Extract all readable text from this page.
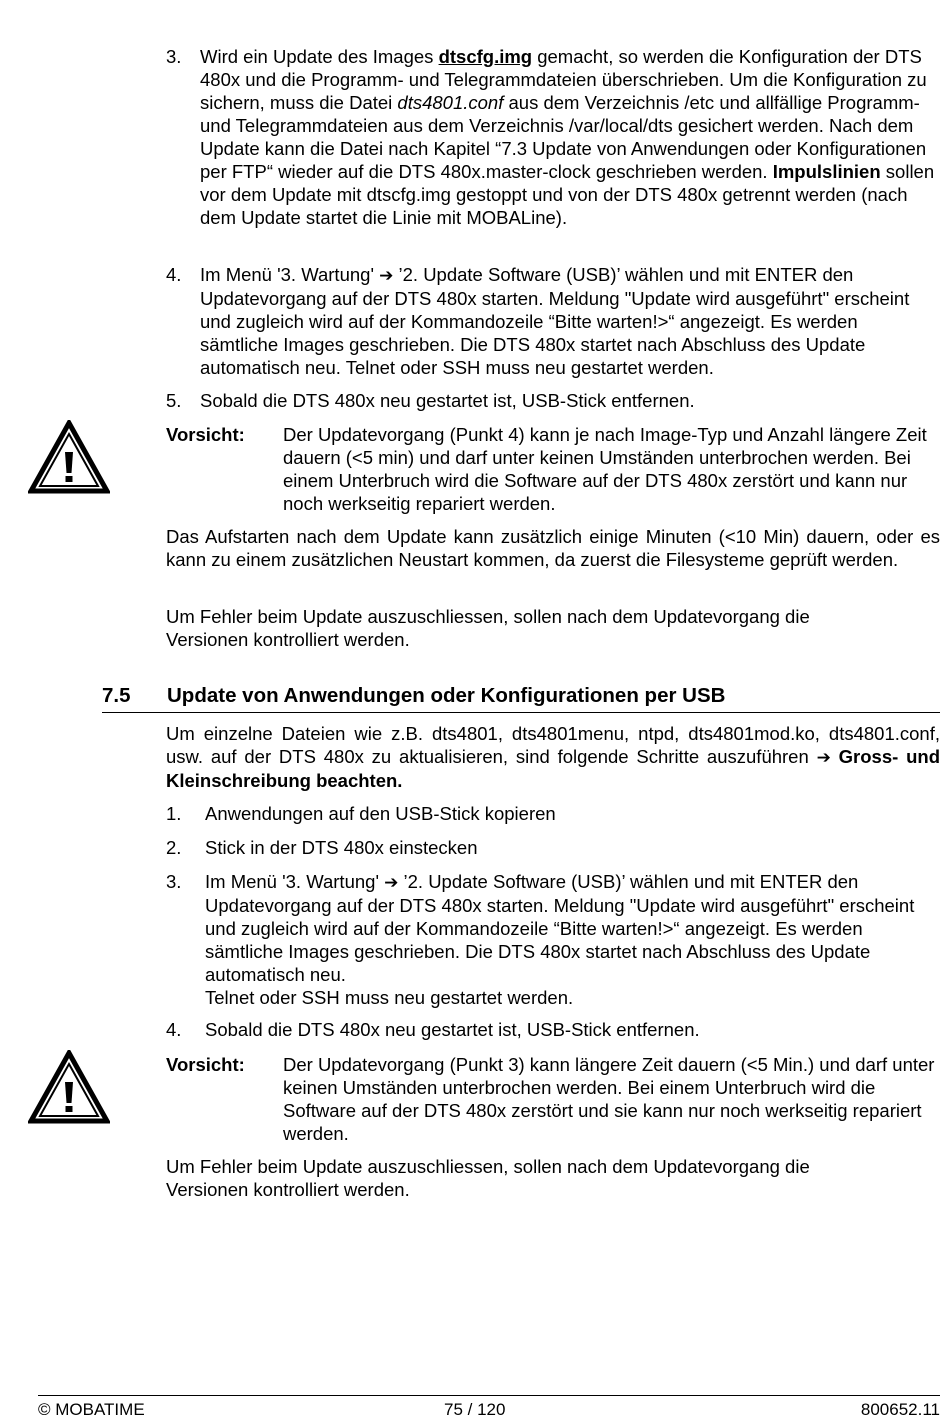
3. Wird ein Update des Images dtscfg.img gemacht, so werden die Konfiguration der DTS 480x und die Programm- und Telegrammdateien überschrieben. Um die Konfiguration zu sichern, muss die Datei dts4801.conf aus dem Verzeichnis /etc und allfällige Programm- und Telegrammdateien aus dem Verzeichnis /var/local/dts gesichert werden. Nach dem Update kann die Datei nach Kapitel “7.3 Update von Anwendungen oder Konfigurationen per FTP“ wieder auf die DTS 480x.master-clock geschrieben werden. Impulslinien sollen vor dem Update mit dtscfg.img gestoppt und von der DTS 480x getrennt werden (nach dem Update startet die Linie mit MOBALine).

4. Im Menü '3. Wartung' ➔ ’2. Update Software (USB)’ wählen und mit ENTER den Updatevorgang auf der DTS 480x starten. Meldung "Update wird ausgeführt" erscheint und zugleich wird auf der Kommandozeile “Bitte warten!>“ angezeigt. Es werden sämtliche Images geschrieben. Die DTS 480x startet nach Abschluss des Update automatisch neu. Telnet oder SSH muss neu gestartet werden.

5. Sobald die DTS 480x neu gestartet ist, USB-Stick entfernen.

Vorsicht: Der Updatevorgang (Punkt 4) kann je nach Image-Typ und Anzahl längere Zeit dauern (<5 min) und darf unter keinen Umständen unterbrochen werden. Bei einem Unterbruch wird die Software auf der DTS 480x zerstört und kann nur noch werkseitig repariert werden.

Das Aufstarten nach dem Update kann zusätzlich einige Minuten (<10 Min) dauern, oder es kann zu einem zusätzlichen Neustart kommen, da zuerst die Filesysteme geprüft werden.

Um Fehler beim Update auszuschliessen, sollen nach dem Updatevorgang die Versionen kontrolliert werden.

7.5 Update von Anwendungen oder Konfigurationen per USB

Um einzelne Dateien wie z.B. dts4801, dts4801menu, ntpd, dts4801mod.ko, dts4801.conf, usw. auf der DTS 480x zu aktualisieren, sind folgende Schritte auszuführen ➔ Gross- und Kleinschreibung beachten.

1. Anwendungen auf den USB-Stick kopieren

2. Stick in der DTS 480x einstecken

3. Im Menü '3. Wartung' ➔ ’2. Update Software (USB)’ wählen und mit ENTER den Updatevorgang auf der DTS 480x starten. Meldung "Update wird ausgeführt" erscheint und zugleich wird auf der Kommandozeile “Bitte warten!>“ angezeigt. Es werden sämtliche Images geschrieben. Die DTS 480x startet nach Abschluss des Update automatisch neu.

Telnet oder SSH muss neu gestartet werden.

4. Sobald die DTS 480x neu gestartet ist, USB-Stick entfernen.

Vorsicht: Der Updatevorgang (Punkt 3) kann längere Zeit dauern (<5 Min.) und darf unter keinen Umständen unterbrochen werden. Bei einem Unterbruch wird die Software auf der DTS 480x zerstört und sie kann nur noch werkseitig repariert werden.

Um Fehler beim Update auszuschliessen, sollen nach dem Updatevorgang die Versionen kontrolliert werden.

© MOBATIME	75 / 120	800652.11
